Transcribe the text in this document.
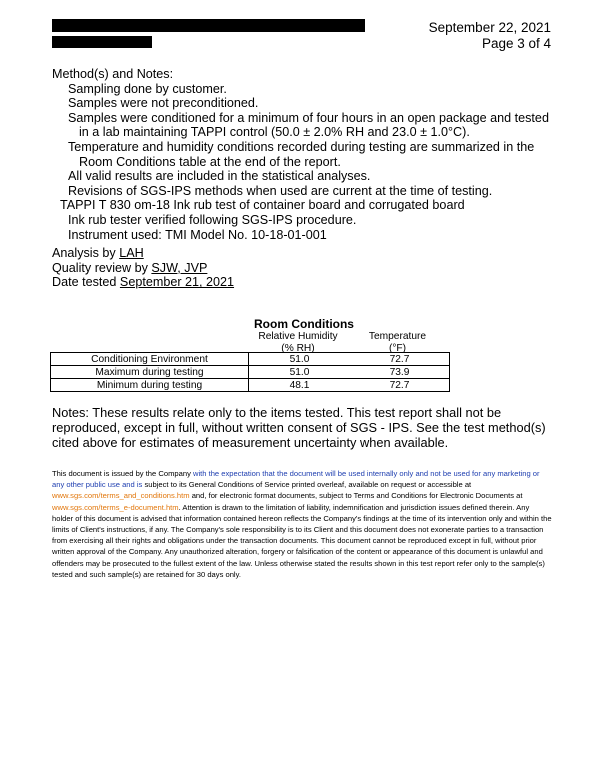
September 22, 2021
Page 3 of 4
Method(s) and Notes:
Sampling done by customer.
Samples were not preconditioned.
Samples were conditioned for a minimum of four hours in an open package and tested
in a lab maintaining TAPPI control (50.0 ± 2.0% RH and 23.0 ± 1.0°C).
Temperature and humidity conditions recorded during testing are summarized in the
Room Conditions table at the end of the report.
All valid results are included in the statistical analyses.
Revisions of SGS-IPS methods when used are current at the time of testing.
TAPPI T 830 om-18 Ink rub test of container board and corrugated board
Ink rub tester verified following SGS-IPS procedure.
Instrument used: TMI Model No. 10-18-01-001
Analysis by LAH
Quality review by SJW, JVP
Date tested September 21, 2021
Room Conditions
Relative Humidity
(% RH)
Temperature
(°F)
Conditioning Environment	51.0	72.7
Maximum during testing	51.0	73.9
Minimum during testing	48.1	72.7
Notes: These results relate only to the items tested. This test report shall not be reproduced, except in full, without written consent of SGS - IPS. See the test method(s) cited above for estimates of measurement uncertainty when available.
This document is issued by the Company with the expectation that the document will be used internally only and not be used for any marketing or any other public use and is subject to its General Conditions of Service printed overleaf, available on request or accessible at www.sgs.com/terms_and_conditions.htm and, for electronic format documents, subject to Terms and Conditions for Electronic Documents at www.sgs.com/terms_e-document.htm. Attention is drawn to the limitation of liability, indemnification and jurisdiction issues defined therein. Any holder of this document is advised that information contained hereon reflects the Company's findings at the time of its intervention only and within the limits of Client's instructions, if any. The Company's sole responsibility is to its Client and this document does not exonerate parties to a transaction from exercising all their rights and obligations under the transaction documents. This document cannot be reproduced except in full, without prior written approval of the Company. Any unauthorized alteration, forgery or falsification of the content or appearance of this document is unlawful and offenders may be prosecuted to the fullest extent of the law. Unless otherwise stated the results shown in this test report refer only to the sample(s) tested and such sample(s) are retained for 30 days only.
